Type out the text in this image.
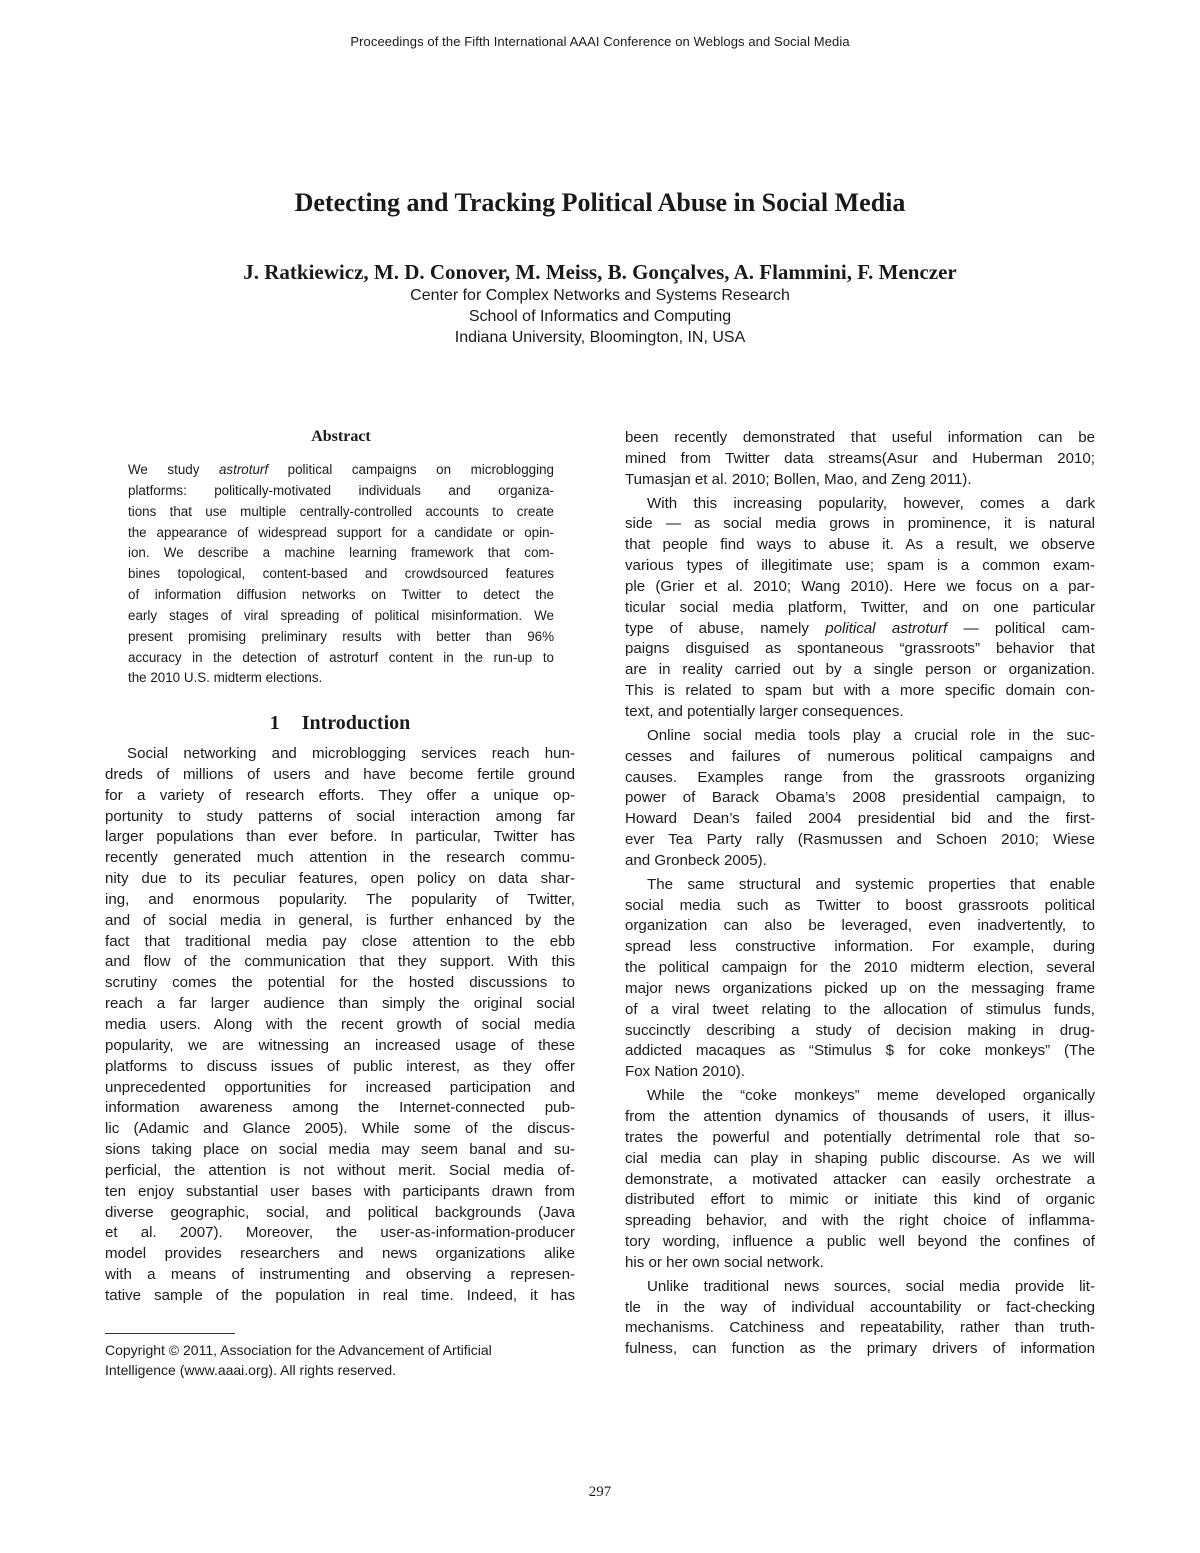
Proceedings of the Fifth International AAAI Conference on Weblogs and Social Media
Detecting and Tracking Political Abuse in Social Media
J. Ratkiewicz, M. D. Conover, M. Meiss, B. Gonçalves, A. Flammini, F. Menczer
Center for Complex Networks and Systems Research
School of Informatics and Computing
Indiana University, Bloomington, IN, USA
Abstract
We study astroturf political campaigns on microblogging
platforms: politically-motivated individuals and organiza-
tions that use multiple centrally-controlled accounts to create
the appearance of widespread support for a candidate or opin-
ion. We describe a machine learning framework that com-
bines topological, content-based and crowdsourced features
of information diffusion networks on Twitter to detect the
early stages of viral spreading of political misinformation. We
present promising preliminary results with better than 96%
accuracy in the detection of astroturf content in the run-up to
the 2010 U.S. midterm elections.
1 Introduction
Social networking and microblogging services reach hun-
dreds of millions of users and have become fertile ground
for a variety of research efforts. They offer a unique op-
portunity to study patterns of social interaction among far
larger populations than ever before. In particular, Twitter has
recently generated much attention in the research commu-
nity due to its peculiar features, open policy on data shar-
ing, and enormous popularity. The popularity of Twitter,
and of social media in general, is further enhanced by the
fact that traditional media pay close attention to the ebb
and flow of the communication that they support. With this
scrutiny comes the potential for the hosted discussions to
reach a far larger audience than simply the original social
media users. Along with the recent growth of social media
popularity, we are witnessing an increased usage of these
platforms to discuss issues of public interest, as they offer
unprecedented opportunities for increased participation and
information awareness among the Internet-connected pub-
lic (Adamic and Glance 2005). While some of the discus-
sions taking place on social media may seem banal and su-
perficial, the attention is not without merit. Social media of-
ten enjoy substantial user bases with participants drawn from
diverse geographic, social, and political backgrounds (Java
et al. 2007). Moreover, the user-as-information-producer
model provides researchers and news organizations alike
with a means of instrumenting and observing a represen-
tative sample of the population in real time. Indeed, it has
Copyright © 2011, Association for the Advancement of Artificial
Intelligence (www.aaai.org). All rights reserved.
been recently demonstrated that useful information can be
mined from Twitter data streams(Asur and Huberman 2010;
Tumasjan et al. 2010; Bollen, Mao, and Zeng 2011).
With this increasing popularity, however, comes a dark
side — as social media grows in prominence, it is natural
that people find ways to abuse it. As a result, we observe
various types of illegitimate use; spam is a common exam-
ple (Grier et al. 2010; Wang 2010). Here we focus on a par-
ticular social media platform, Twitter, and on one particular
type of abuse, namely political astroturf — political cam-
paigns disguised as spontaneous “grassroots” behavior that
are in reality carried out by a single person or organization.
This is related to spam but with a more specific domain con-
text, and potentially larger consequences.
Online social media tools play a crucial role in the suc-
cesses and failures of numerous political campaigns and
causes. Examples range from the grassroots organizing
power of Barack Obama’s 2008 presidential campaign, to
Howard Dean’s failed 2004 presidential bid and the first-
ever Tea Party rally (Rasmussen and Schoen 2010; Wiese
and Gronbeck 2005).
The same structural and systemic properties that enable
social media such as Twitter to boost grassroots political
organization can also be leveraged, even inadvertently, to
spread less constructive information. For example, during
the political campaign for the 2010 midterm election, several
major news organizations picked up on the messaging frame
of a viral tweet relating to the allocation of stimulus funds,
succinctly describing a study of decision making in drug-
addicted macaques as “Stimulus $ for coke monkeys” (The
Fox Nation 2010).
While the “coke monkeys” meme developed organically
from the attention dynamics of thousands of users, it illus-
trates the powerful and potentially detrimental role that so-
cial media can play in shaping public discourse. As we will
demonstrate, a motivated attacker can easily orchestrate a
distributed effort to mimic or initiate this kind of organic
spreading behavior, and with the right choice of inflamma-
tory wording, influence a public well beyond the confines of
his or her own social network.
Unlike traditional news sources, social media provide lit-
tle in the way of individual accountability or fact-checking
mechanisms. Catchiness and repeatability, rather than truth-
fulness, can function as the primary drivers of information
297
